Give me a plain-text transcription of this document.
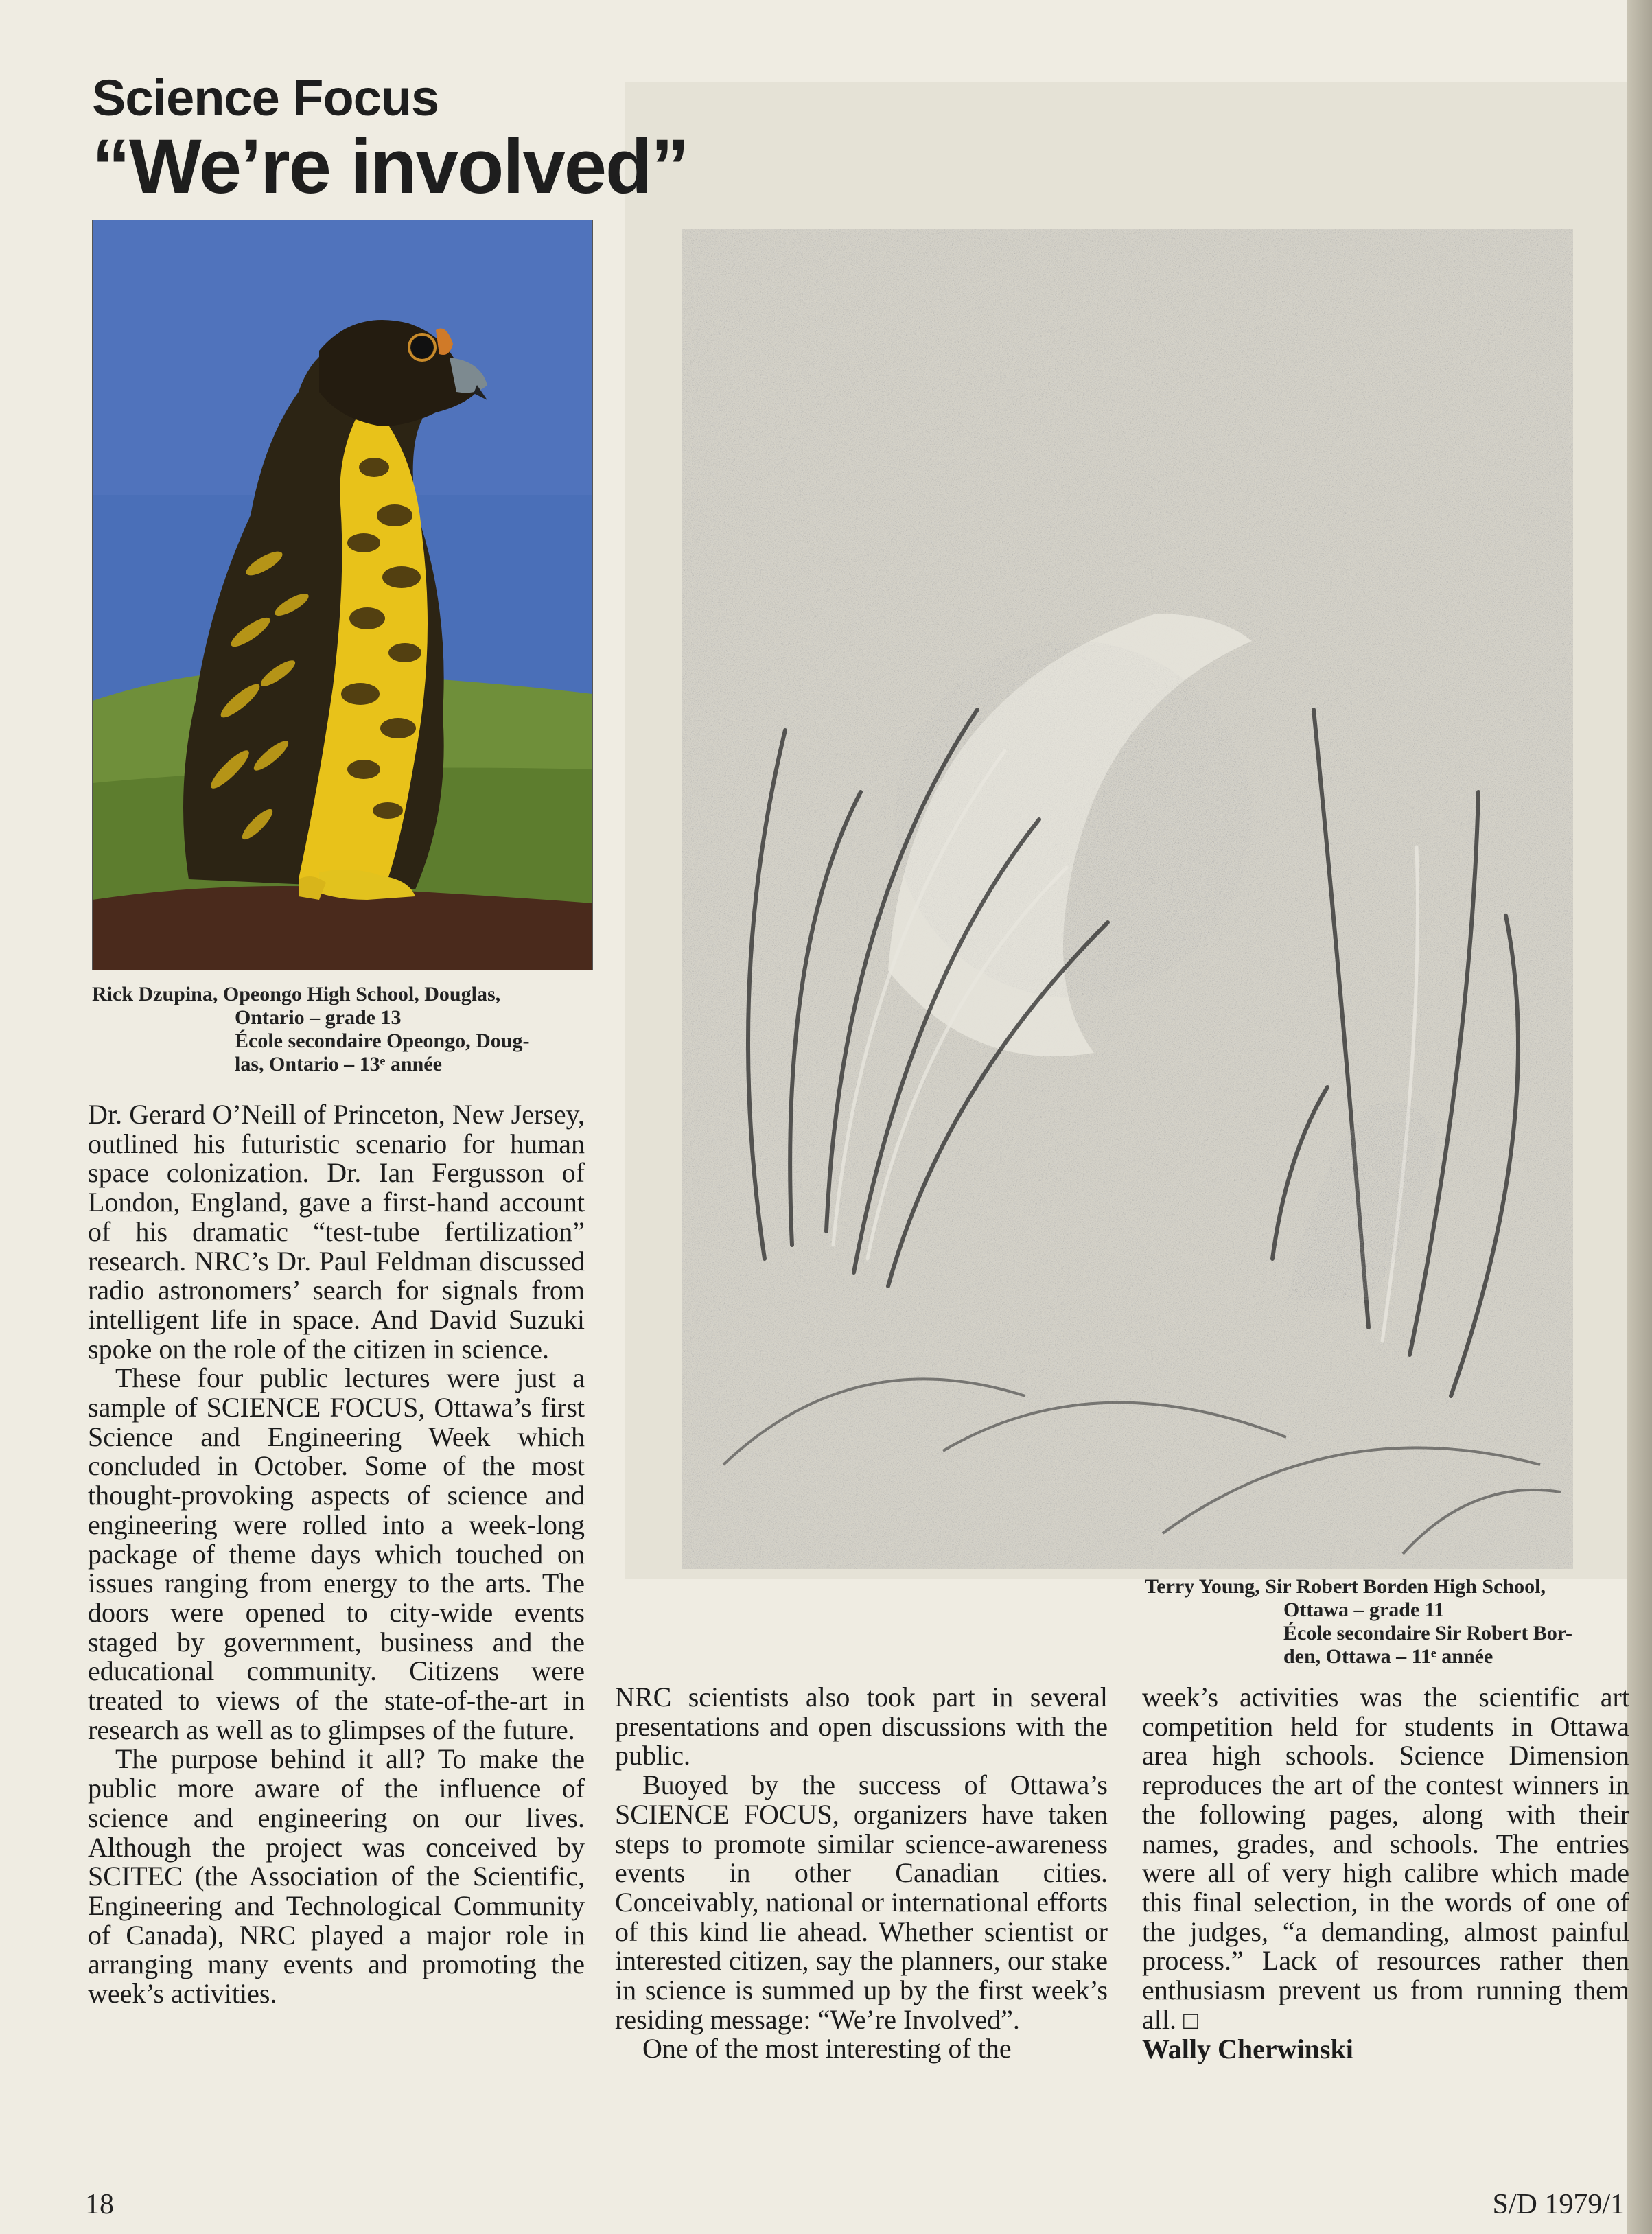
Science Focus
“We’re involved”
Rick Dzupina, Opeongo High School, Douglas,
Ontario – grade 13
École secondaire Opeongo, Doug-
las, Ontario – 13ᵉ année
Terry Young, Sir Robert Borden High School,
Ottawa – grade 11
École secondaire Sir Robert Bor-
den, Ottawa – 11ᵉ année

Dr. Gerard O’Neill of Princeton, New Jersey, outlined his futuristic scenario for human space colonization. Dr. Ian Fergusson of London, England, gave a first-hand account of his dramatic “test-tube fertilization” research. NRC’s Dr. Paul Feldman discussed radio astronomers’ search for signals from intelligent life in space. And David Suzuki spoke on the role of the citizen in science.

These four public lectures were just a sample of SCIENCE FOCUS, Ottawa’s first Science and Engineering Week which concluded in October. Some of the most thought-provoking aspects of science and engineering were rolled into a week-long package of theme days which touched on issues ranging from energy to the arts. The doors were opened to city-wide events staged by government, business and the educational community. Citizens were treated to views of the state-of-the-art in research as well as to glimpses of the future.

The purpose behind it all? To make the public more aware of the influence of science and engineering on our lives. Although the project was conceived by SCITEC (the Association of the Scientific, Engineering and Technological Community of Canada), NRC played a major role in arranging many events and promoting the week’s activities.

NRC scientists also took part in several presentations and open discussions with the public.

Buoyed by the success of Ottawa’s SCIENCE FOCUS, organizers have taken steps to promote similar science-awareness events in other Canadian cities. Conceivably, national or international efforts of this kind lie ahead. Whether scientist or interested citizen, say the planners, our stake in science is summed up by the first week’s residing message: “We’re Involved”.

One of the most interesting of the

week’s activities was the scientific art competition held for students in Ottawa area high schools. Science Dimension reproduces the art of the contest winners in the following pages, along with their names, grades, and schools. The entries were all of very high calibre which made this final selection, in the words of one of the judges, “a demanding, almost painful process.” Lack of resources rather then enthusiasm prevent us from running them all. □

Wally Cherwinski

18	S/D 1979/1
